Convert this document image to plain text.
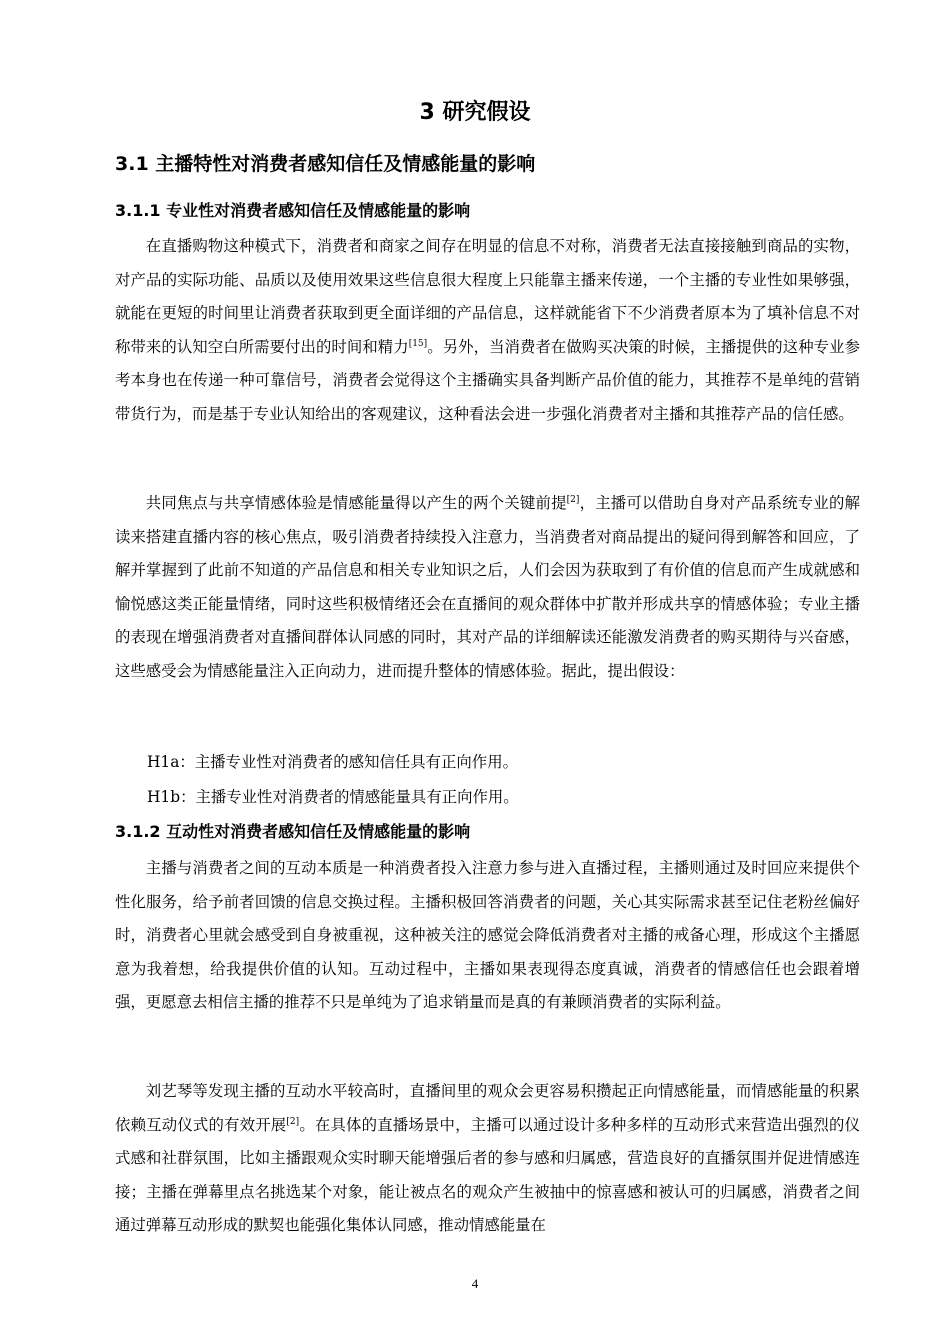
3 研究假设
3.1 主播特性对消费者感知信任及情感能量的影响
3.1.1 专业性对消费者感知信任及情感能量的影响

在直播购物这种模式下，消费者和商家之间存在明显的信息不对称，消费者无法直接接触到商品的实物，对产品的实际功能、品质以及使用效果这些信息很大程度上只能靠主播来传递，一个主播的专业性如果够强，就能在更短的时间里让消费者获取到更全面详细的产品信息，这样就能省下不少消费者原本为了填补信息不对称带来的认知空白所需要付出的时间和精力[15]。另外，当消费者在做购买决策的时候，主播提供的这种专业参考本身也在传递一种可靠信号，消费者会觉得这个主播确实具备判断产品价值的能力，其推荐不是单纯的营销带货行为，而是基于专业认知给出的客观建议，这种看法会进一步强化消费者对主播和其推荐产品的信任感。

共同焦点与共享情感体验是情感能量得以产生的两个关键前提[2]，主播可以借助自身对产品系统专业的解读来搭建直播内容的核心焦点，吸引消费者持续投入注意力，当消费者对商品提出的疑问得到解答和回应，了解并掌握到了此前不知道的产品信息和相关专业知识之后，人们会因为获取到了有价值的信息而产生成就感和愉悦感这类正能量情绪，同时这些积极情绪还会在直播间的观众群体中扩散并形成共享的情感体验；专业主播的表现在增强消费者对直播间群体认同感的同时，其对产品的详细解读还能激发消费者的购买期待与兴奋感，这些感受会为情感能量注入正向动力，进而提升整体的情感体验。据此，提出假设：

H1a：主播专业性对消费者的感知信任具有正向作用。
H1b：主播专业性对消费者的情感能量具有正向作用。
3.1.2 互动性对消费者感知信任及情感能量的影响

主播与消费者之间的互动本质是一种消费者投入注意力参与进入直播过程，主播则通过及时回应来提供个性化服务，给予前者回馈的信息交换过程。主播积极回答消费者的问题，关心其实际需求甚至记住老粉丝偏好时，消费者心里就会感受到自身被重视，这种被关注的感觉会降低消费者对主播的戒备心理，形成这个主播愿意为我着想，给我提供价值的认知。互动过程中，主播如果表现得态度真诚，消费者的情感信任也会跟着增强，更愿意去相信主播的推荐不只是单纯为了追求销量而是真的有兼顾消费者的实际利益。

刘艺琴等发现主播的互动水平较高时，直播间里的观众会更容易积攒起正向情感能量，而情感能量的积累依赖互动仪式的有效开展[2]。在具体的直播场景中，主播可以通过设计多种多样的互动形式来营造出强烈的仪式感和社群氛围，比如主播跟观众实时聊天能增强后者的参与感和归属感，营造良好的直播氛围并促进情感连接；主播在弹幕里点名挑选某个对象，能让被点名的观众产生被抽中的惊喜感和被认可的归属感，消费者之间通过弹幕互动形成的默契也能强化集体认同感，推动情感能量在

4
